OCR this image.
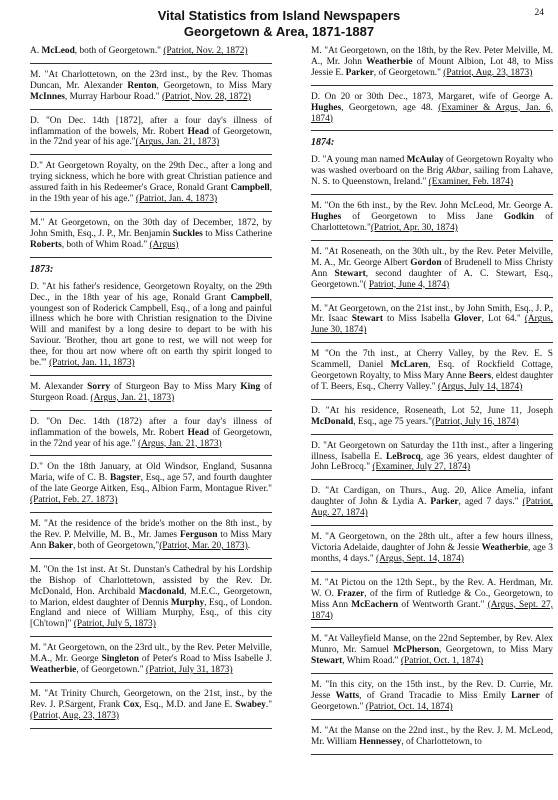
Vital Statistics from Island Newspapers
Georgetown & Area, 1871-1887
24

A. McLeod, both of Georgetown." (Patriot, Nov. 2, 1872)

M. "At Charlottetown, on the 23rd inst., by the Rev. Thomas Duncan, Mr. Alexander Renton, Georgetown, to Miss Mary McInnes, Murray Harbour Road." (Patriot, Nov. 28, 1872)

D. "On Dec. 14th [1872], after a four day's illness of inflammation of the bowels, Mr. Robert Head of Georgetown, in the 72nd year of his age."(Argus, Jan. 21, 1873)

D." At Georgetown Royalty, on the 29th Dec., after a long and trying sickness, which he bore with great Christian patience and assured faith in his Redeemer's Grace, Ronald Grant Campbell, in the 19th year of his age." (Patriot, Jan. 4, 1873)

M." At Georgetown, on the 30th day of December, 1872, by John Smith, Esq., J. P., Mr. Benjamin Suckles to Miss Catherine Roberts, both of Whim Road." (Argus)

1873:

D. "At his father's residence, Georgetown Royalty, on the 29th Dec., in the 18th year of his age, Ronald Grant Campbell, youngest son of Roderick Campbell, Esq., of a long and painful illness which he bore with Christian resignation to the Divine Will and manifest by a long desire to depart to be with his Saviour. 'Brother, thou art gone to rest, we will not weep for thee, for thou art now where oft on earth thy spirit longed to be.'" (Patriot, Jan. 11, 1873)

M. Alexander Sorry of Sturgeon Bay to Miss Mary King of Sturgeon Road. (Argus, Jan. 21, 1873)

D. "On Dec. 14th (1872) after a four day's illness of inflammation of the bowels, Mr. Robert Head of Georgetown, in the 72nd year of his age." (Argus, Jan. 21, 1873)

D." On the 18th January, at Old Windsor, England, Susanna Maria, wife of C. B. Bagster, Esq., age 57, and fourth daughter of the late George Aitken, Esq., Albion Farm, Montague River." (Patriot, Feb. 27. 1873)

M. "At the residence of the bride's mother on the 8th inst., by the Rev. P. Melville, M. B., Mr. James Ferguson to Miss Mary Ann Baker, both of Georgetown,"(Patriot, Mar. 20, 1873).

M. "On the 1st inst. At St. Dunstan's Cathedral by his Lordship the Bishop of Charlottetown, assisted by the Rev. Dr. McDonald, Hon. Archibald Macdonald, M.E.C., Georgetown, to Marion, eldest daughter of Dennis Murphy, Esq., of London. England and niece of William Murphy, Esq., of this city [Ch'town]" (Patriot, July 5, 1873)

M. "At Georgetown, on the 23rd ult., by the Rev. Peter Melville, M.A., Mr. George Singleton of Peter's Road to Miss Isabelle J. Weatherbie, of Georgetown." (Patriot, July 31, 1873)

M. "At Trinity Church, Georgetown, on the 21st, inst., by the Rev. J. P.Sargent, Frank Cox, Esq., M.D. and Jane E. Swabey." (Patriot, Aug. 23, 1873)

M. "At Georgetown, on the 18th, by the Rev. Peter Melville, M. A., Mr. John Weatherbie of Mount Albion, Lot 48, to Miss Jessie E. Parker, of Georgetown." (Patriot, Aug. 23, 1873)

D. On 20 or 30th Dec., 1873, Margaret, wife of George A. Hughes, Georgetown, age 48. (Examiner & Argus, Jan. 6, 1874)

1874:

D. "A young man named McAulay of Georgetown Royalty who was washed overboard on the Brig Akbar, sailing from Lahave, N. S. to Queenstown, Ireland." (Examiner, Feb. 1874)

M. "On the 6th inst., by the Rev. John McLeod, Mr. George A. Hughes of Georgetown to Miss Jane Godkin of Charlottetown."(Patriot, Apr. 30, 1874)

M. "At Roseneath, on the 30th ult., by the Rev. Peter Melville, M. A., Mr. George Albert Gordon of Brudenell to Miss Christy Ann Stewart, second daughter of A. C. Stewart, Esq., Georgetown."( Patriot, June 4, 1874)

M. "At Georgetown, on the 21st inst., by John Smith, Esq., J. P., Mr. Isaac Stewart to Miss Isabella Glover, Lot 64." (Argus, June 30, 1874)

M "On the 7th inst., at Cherry Valley, by the Rev. E. S Scammell, Daniel McLaren, Esq. of Rockfield Cottage, Georgetown Royalty, to Miss Mary Anne Beers, eldest daughter of T. Beers, Esq., Cherry Valley." (Argus, July 14, 1874)

D. "At his residence, Roseneath, Lot 52, June 11, Joseph McDonald, Esq., age 75 years."(Patriot, July 16, 1874)

D. "At Georgetown on Saturday the 11th inst., after a lingering illness, Isabella E. LeBrocq, age 36 years, eldest daughter of John LeBrocq." (Examiner, July 27, 1874)

D. "At Cardigan, on Thurs., Aug. 20, Alice Amelia, infant daughter of John & Lydia A. Parker, aged 7 days." (Patriot, Aug. 27, 1874)

M. "A Georgetown, on the 28th ult., after a few hours illness, Victoria Adelaide, daughter of John & Jessie Weatherbie, age 3 months, 4 days." (Argus, Sept. 14, 1874)

M. "At Pictou on the 12th Sept., by the Rev. A. Herdman, Mr. W. O. Frazer, of the firm of Rutledge & Co., Georgetown, to Miss Ann McEachern of Wentworth Grant." (Argus, Sept. 27, 1874)

M. "At Valleyfield Manse, on the 22nd September, by Rev. Alex Munro, Mr. Samuel McPherson, Georgetown, to Miss Mary Stewart, Whim Road." (Patriot, Oct. 1, 1874)

M. "In this city, on the 15th inst., by the Rev. D. Currie, Mr. Jesse Watts, of Grand Tracadie to Miss Emily Larner of Georgetown." (Patriot, Oct. 14, 1874)

M. "At the Manse on the 22nd inst., by the Rev. J. M. McLeod, Mr. William Hennessey, of Charlottetown, to
